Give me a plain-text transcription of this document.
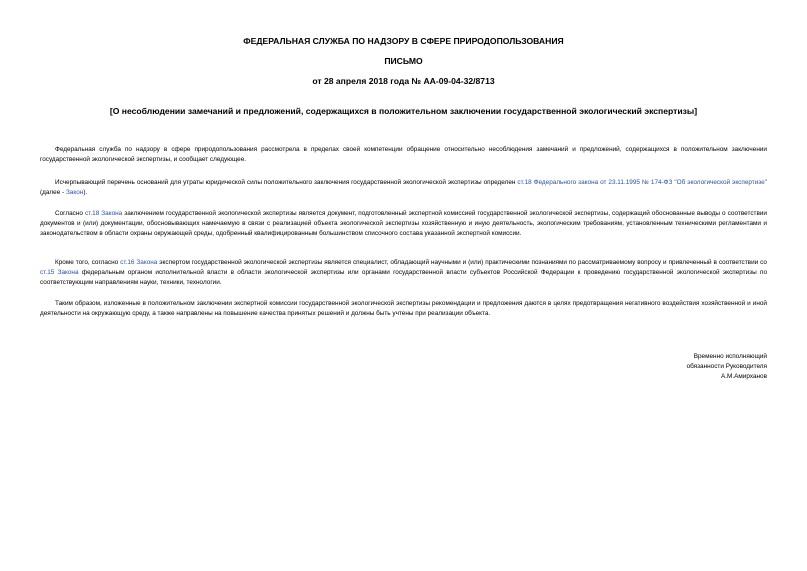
ФЕДЕРАЛЬНАЯ СЛУЖБА ПО НАДЗОРУ В СФЕРЕ ПРИРОДОПОЛЬЗОВАНИЯ
ПИСЬМО
от 28 апреля 2018 года № АА-09-04-32/8713
[О несоблюдении замечаний и предложений, содержащихся в положительном заключении государственной экологический экспертизы]

Федеральная служба по надзору в сфере природопользования рассмотрела в пределах своей компетенции обращение относительно несоблюдения замечаний и предложений, содержащихся в положительном заключении государственной экологической экспертизы, и сообщает следующее.

Исчерпывающий перечень оснований для утраты юридической силы положительного заключения государственной экологической экспертизы определен ст.18 Федерального закона от 23.11.1995 № 174-ФЗ "Об экологической экспертизе" (далее - Закон).

Согласно ст.18 Закона заключением государственной экологической экспертизы является документ, подготовленный экспертной комиссией государственной экологической экспертизы, содержащий обоснованные выводы о соответствии документов и (или) документации, обосновывающих намечаемую в связи с реализацией объекта экологической экспертизы хозяйственную и иную деятельность, экологическим требованиям, установленным техническими регламентами и законодательством в области охраны окружающей среды, одобренный квалифицированным большинством списочного состава указанной экспертной комиссии.

Кроме того, согласно ст.16 Закона экспертом государственной экологической экспертизы является специалист, обладающий научными и (или) практическими познаниями по рассматриваемому вопросу и привлеченный в соответствии со ст.15 Закона федеральным органом исполнительной власти в области экологической экспертизы или органами государственной власти субъектов Российской Федерации к проведению государственной экологической экспертизы по соответствующим направлениям науки, техники, технологии.

Таким образом, изложенные в положительном заключении экспертной комиссии государственной экологической экспертизы рекомендации и предложения даются в целях предотвращения негативного воздействия хозяйственной и иной деятельности на окружающую среду, а также направлены на повышение качества принятых решений и должны быть учтены при реализации объекта.

Временно исполняющий
обязанности Руководителя
А.М.Амирханов
